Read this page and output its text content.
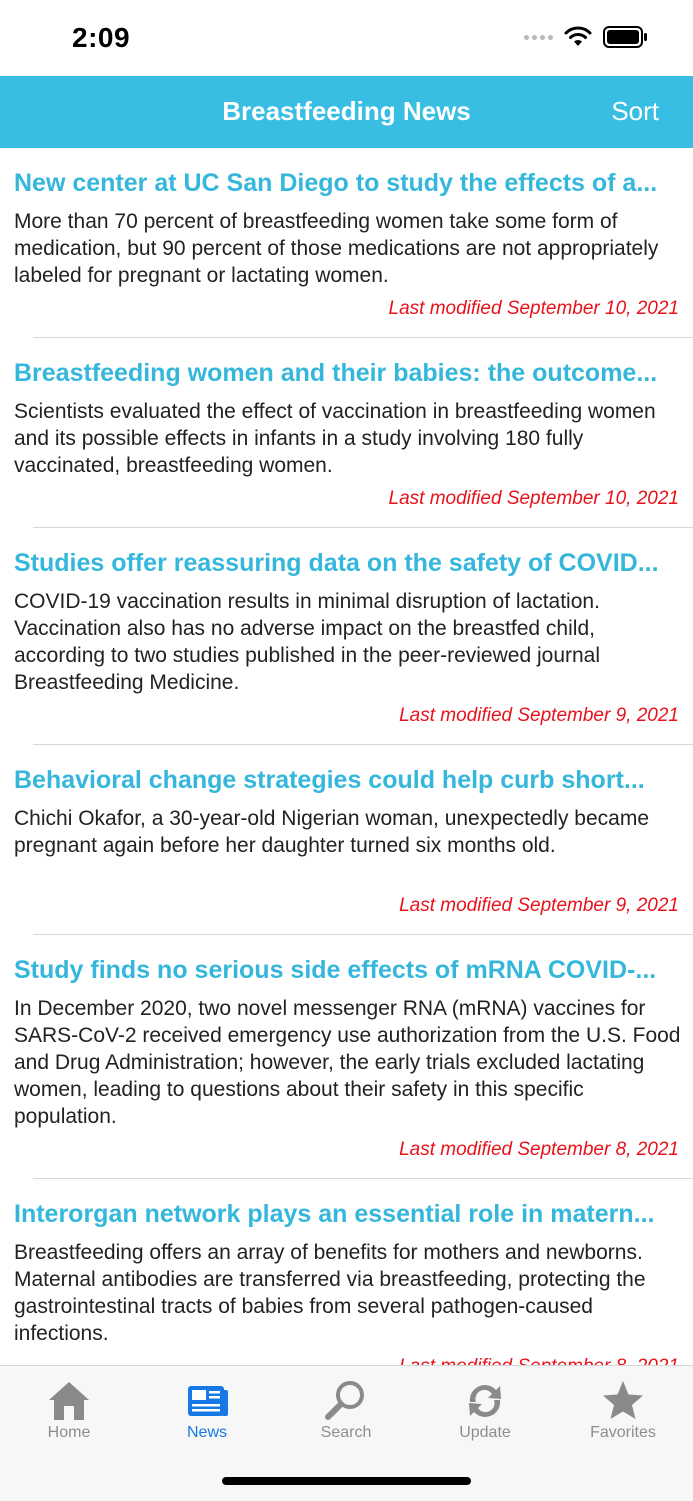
2:09
Breastfeeding News	Sort
New center at UC San Diego to study the effects of a...
More than 70 percent of breastfeeding women take some form of medication, but 90 percent of those medications are not appropriately labeled for pregnant or lactating women.
Last modified September 10, 2021
Breastfeeding women and their babies: the outcome...
Scientists evaluated the effect of vaccination in breastfeeding women and its possible effects in infants in a study involving 180 fully vaccinated, breastfeeding women.
Last modified September 10, 2021
Studies offer reassuring data on the safety of COVID...
COVID-19 vaccination results in minimal disruption of lactation. Vaccination also has no adverse impact on the breastfed child, according to two studies published in the peer-reviewed journal Breastfeeding Medicine.
Last modified September 9, 2021
Behavioral change strategies could help curb short...
Chichi Okafor, a 30-year-old Nigerian woman, unexpectedly became pregnant again before her daughter turned six months old.
Last modified September 9, 2021
Study finds no serious side effects of mRNA COVID-...
In December 2020, two novel messenger RNA (mRNA) vaccines for SARS-CoV-2 received emergency use authorization from the U.S. Food and Drug Administration; however, the early trials excluded lactating women, leading to questions about their safety in this specific population.
Last modified September 8, 2021
Interorgan network plays an essential role in matern...
Breastfeeding offers an array of benefits for mothers and newborns. Maternal antibodies are transferred via breastfeeding, protecting the gastrointestinal tracts of babies from several pathogen-caused infections.
Home	News	Search	Update	Favorites
